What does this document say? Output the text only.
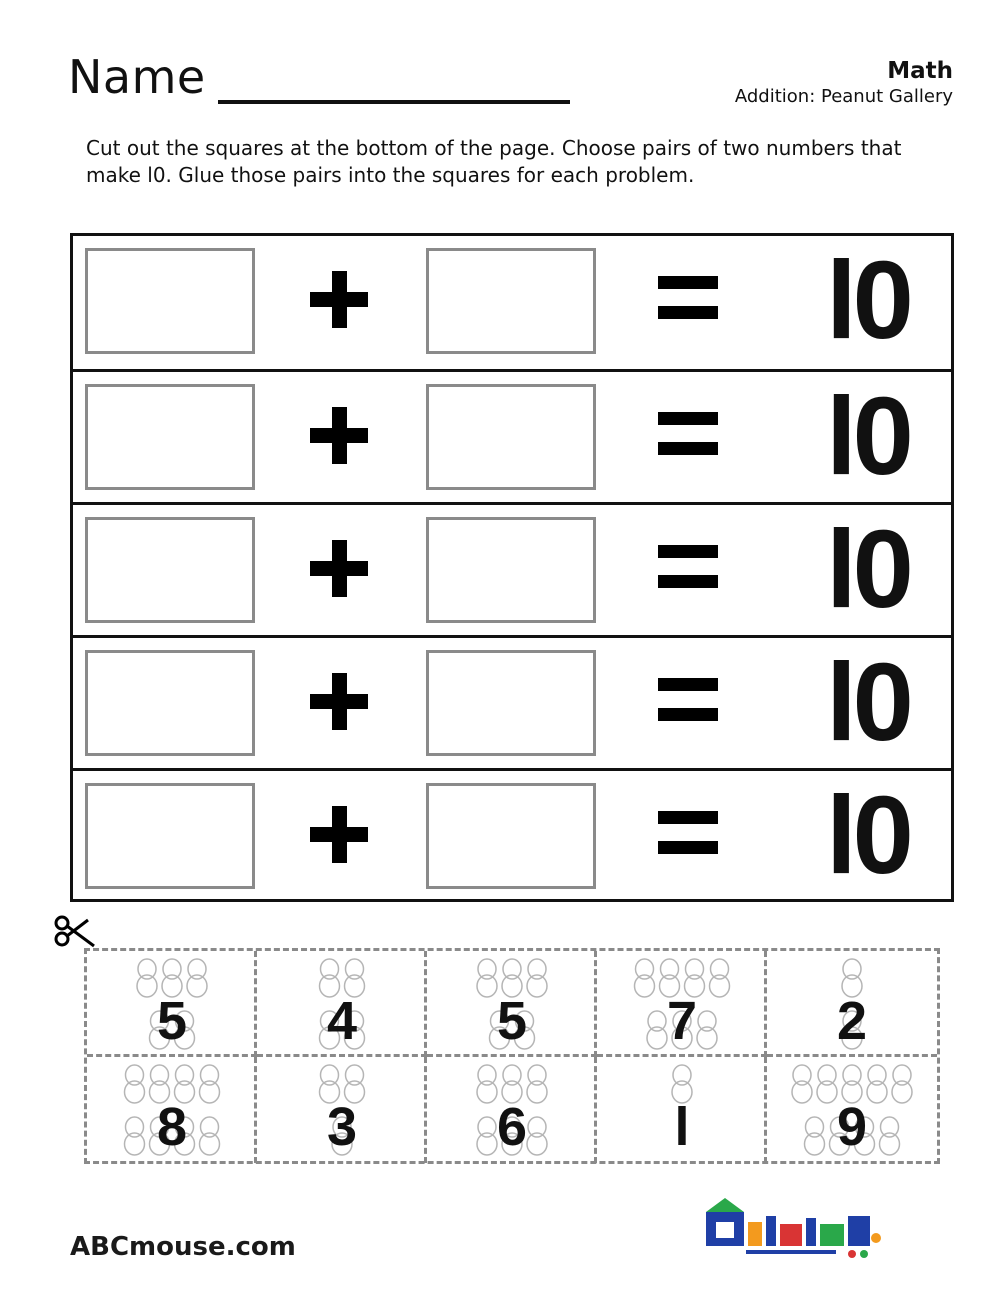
Name	Math
Addition: Peanut Gallery
Cut out the squares at the bottom of the page. Choose pairs of two numbers that make l0. Glue those pairs into the squares for each problem.
l0
l0
l0
l0
l0
5	4	5	7	2
8	3	6	l	9
ABCmouse.com
